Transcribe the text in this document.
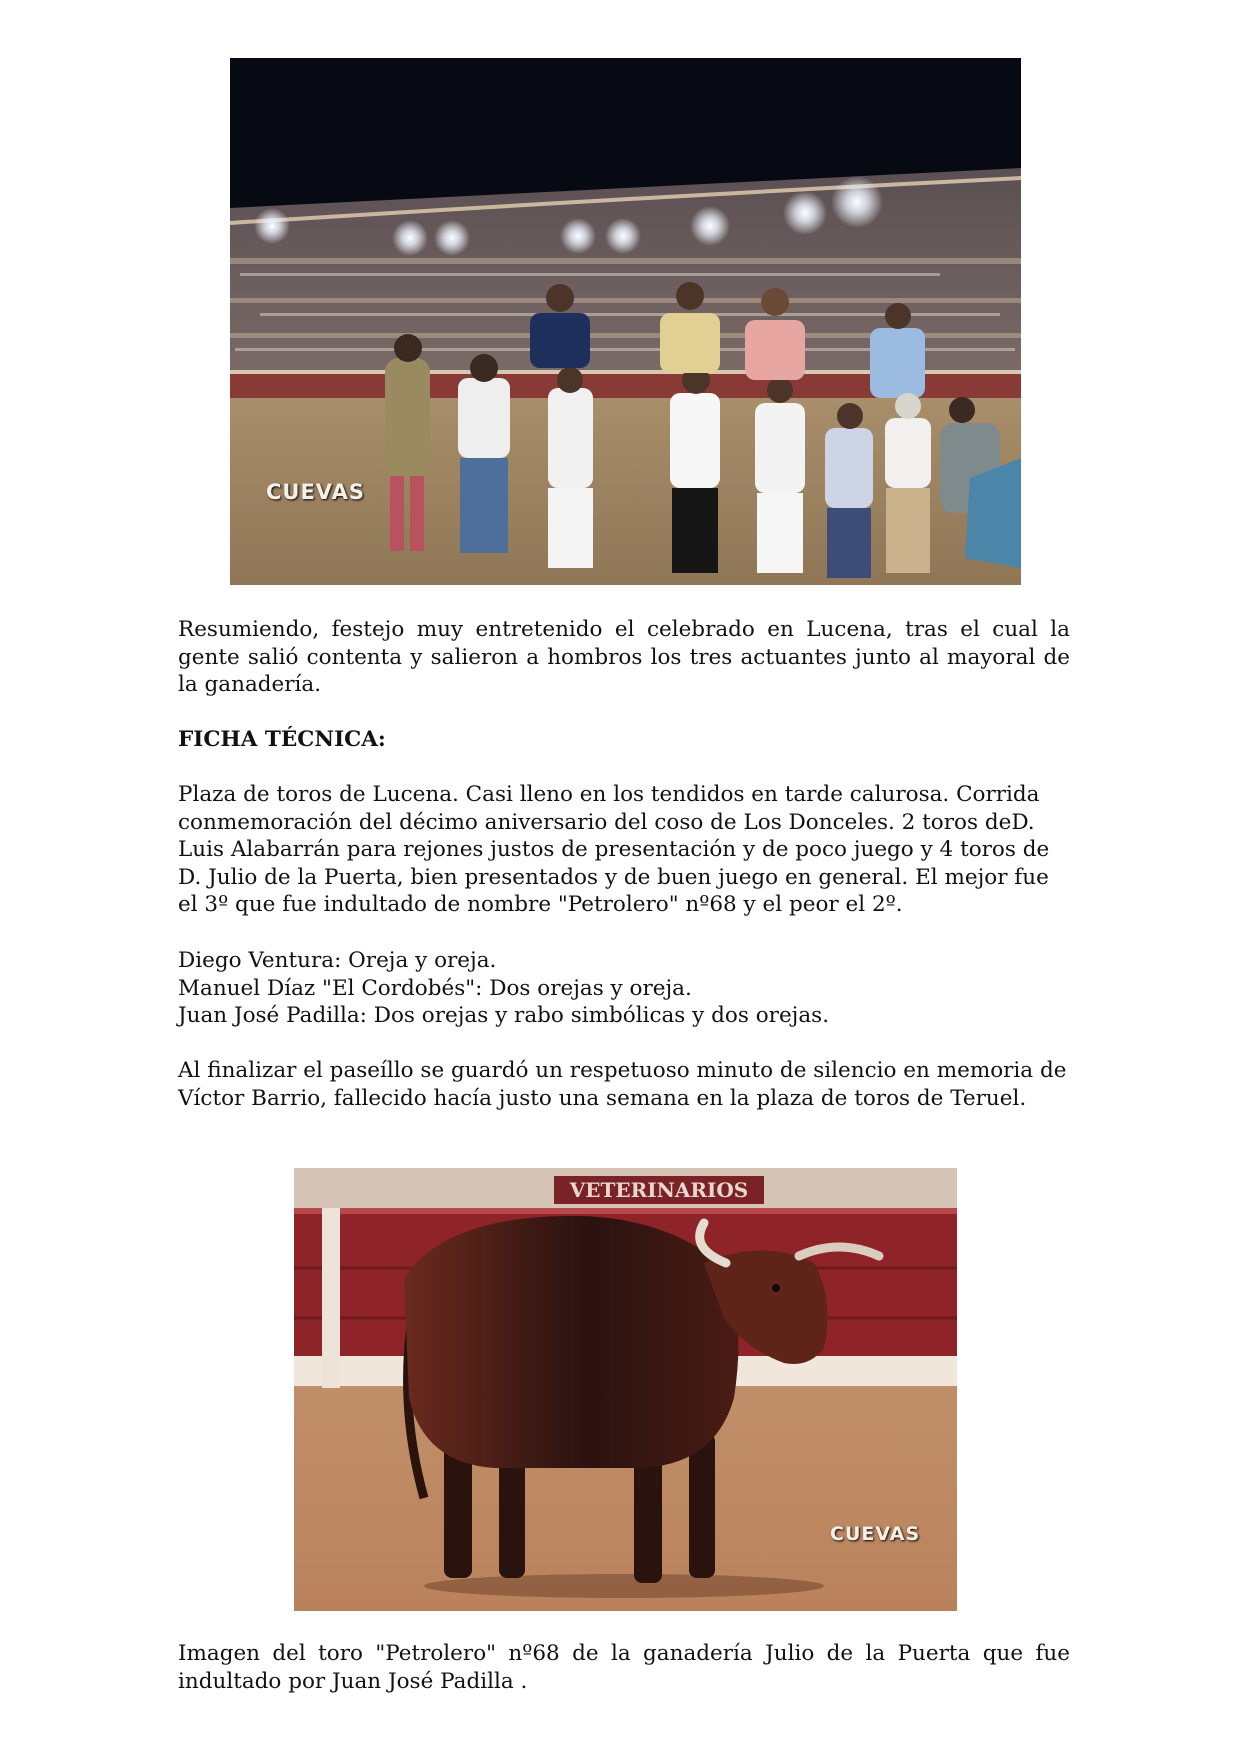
CUEVAS

Resumiendo, festejo muy entretenido el celebrado en Lucena, tras el cual la gente salió contenta y salieron a hombros los tres actuantes junto al mayoral de la ganadería.

FICHA TÉCNICA:

Plaza de toros de Lucena. Casi lleno en los tendidos en tarde calurosa. Corrida conmemoración del décimo aniversario del coso de Los Donceles. 2 toros deD. Luis Alabarrán para rejones justos de presentación y de poco juego y 4 toros de D. Julio de la Puerta, bien presentados y de buen juego en general. El mejor fue el 3º que fue indultado de nombre "Petrolero" nº68 y el peor el 2º.

Diego Ventura: Oreja y oreja.
Manuel Díaz "El Cordobés": Dos orejas y oreja.
Juan José Padilla: Dos orejas y rabo simbólicas y dos orejas.

Al finalizar el paseíllo se guardó un respetuoso minuto de silencio en memoria de Víctor Barrio, fallecido hacía justo una semana en la plaza de toros de Teruel.

VETERINARIOS
CUEVAS

Imagen del toro "Petrolero" nº68 de la ganadería Julio de la Puerta que fue indultado por Juan José Padilla .
